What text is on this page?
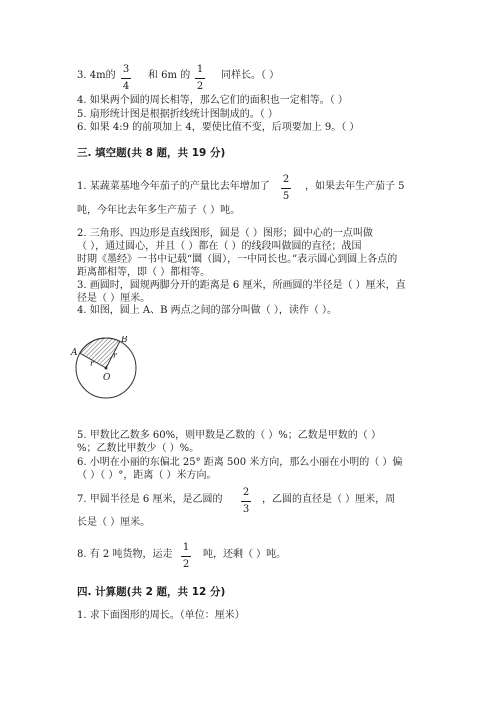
3. 4m的
3
4
和 6m 的
1
2
同样长。（ ）
4. 如果两个圆的周长相等，那么它们的面积也一定相等。（ ）
5. 扇形统计图是根据折线统计图制成的。（ ）
6. 如果 4:9 的前项加上 4，要使比值不变，后项要加上 9。（ ）
三. 填空题(共 8 题，共 19 分)
1. 某蔬菜基地今年茄子的产量比去年增加了
2
5
，如果去年生产茄子 5
吨，今年比去年多生产茄子（ ）吨。
2. 三角形、四边形是直线图形，圆是（ ）图形；圆中心的一点叫做
（ ），通过圆心，并且（ ）都在（ ）的线段叫做圆的直径；战国
时期《墨经》一书中记载“圜（圆），一中同长也。”表示圆心到圆上各点的
距离都相等，即（ ）都相等。
3. 画圆时，圆规两脚分开的距离是 6 厘米，所画圆的半径是（ ）厘米，直
径是（ ）厘米。
4. 如图，圆上 A、B 两点之间的部分叫做（ ），读作（ ）。
A
B
O
r
r
5. 甲数比乙数多 60%，则甲数是乙数的（ ）%；乙数是甲数的（ ）
%；乙数比甲数少（ ）%。
6. 小明在小丽的东偏北 25° 距离 500 米方向，那么小丽在小明的（ ）偏
（ ）（ ）°，距离（ ）米方向。
7. 甲圆半径是 6 厘米，是乙圆的
2
3
，乙圆的直径是（ ）厘米，周
长是（ ）厘米。
8. 有 2 吨货物，运走
1
2
吨，还剩（ ）吨。
四. 计算题(共 2 题，共 12 分)
1. 求下面图形的周长。（单位：厘米）
